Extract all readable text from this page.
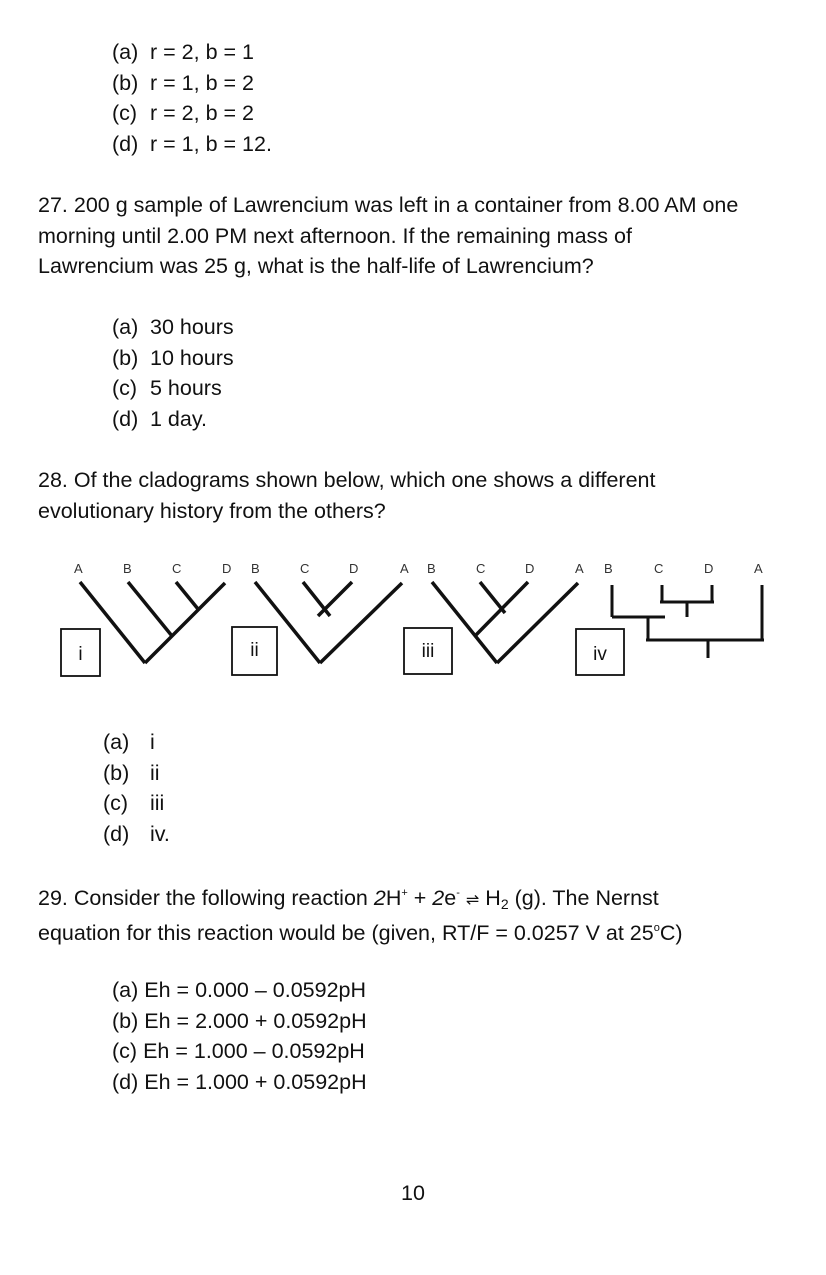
(a) r = 2, b = 1
(b) r = 1, b = 2
(c) r = 2, b = 2
(d) r = 1, b = 12.
27. 200 g sample of Lawrencium was left in a container from 8.00 AM one
morning until 2.00 PM next afternoon. If the remaining mass of
Lawrencium was 25 g, what is the half-life of Lawrencium?
(a) 30 hours
(b) 10 hours
(c) 5 hours
(d) 1 day.
28. Of the cladograms shown below, which one shows a different
evolutionary history from the others?
A	B	C	D B	C	D	A B	C	D	A B	C	D	A
i	ii	iii	iv
(a) i
(b) ii
(c) iii
(d) iv.
29. Consider the following reaction 2H+ + 2e- ⇌ $H_2$ (g). The Nernst
equation for this reaction would be (given, RT/F = 0.0257 V at 25$^o$C)
(a) Eh = 0.000 – 0.0592pH
(b) Eh = 2.000 + 0.0592pH
(c) Eh = 1.000 – 0.0592pH
(d) Eh = 1.000 + 0.0592pH
10
